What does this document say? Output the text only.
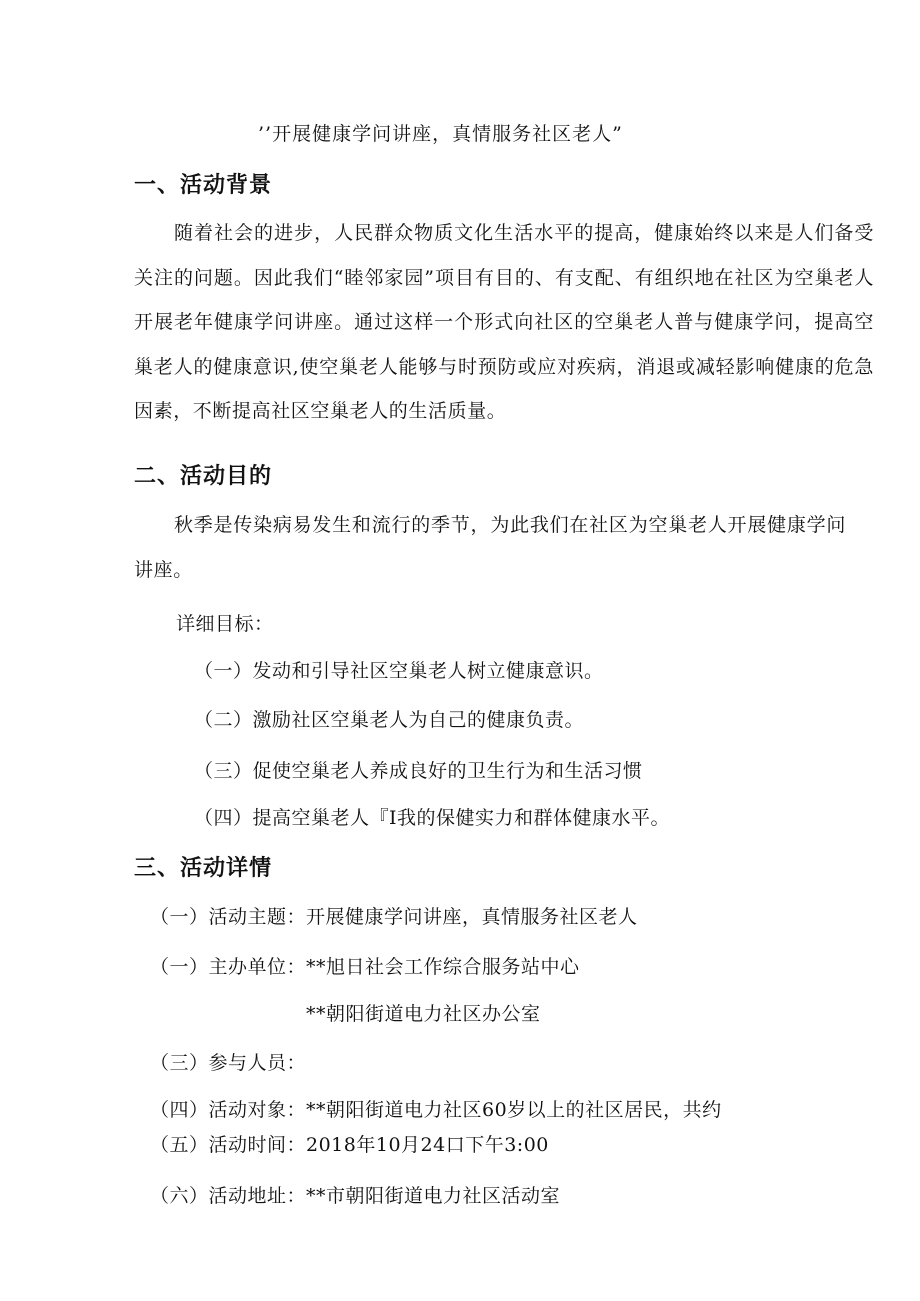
’’开展健康学问讲座，真情服务社区老人”
一、活动背景
随着社会的进步，人民群众物质文化生活水平的提高，健康始终以来是人们备受关注的问题。因此我们“睦邻家园”项目有目的、有支配、有组织地在社区为空巢老人开展老年健康学问讲座。通过这样一个形式向社区的空巢老人普与健康学问，提高空巢老人的健康意识,使空巢老人能够与时预防或应对疾病，消退或减轻影响健康的危急因素，不断提高社区空巢老人的生活质量。
二、活动目的
秋季是传染病易发生和流行的季节，为此我们在社区为空巢老人开展健康学问讲座。
详细目标：
（一）发动和引导社区空巢老人树立健康意识。
（二）激励社区空巢老人为自己的健康负责。
（三）促使空巢老人养成良好的卫生行为和生活习惯
（四）提高空巢老人『I我的保健实力和群体健康水平。
三、活动详情
（一）活动主题：开展健康学问讲座，真情服务社区老人
（一）主办单位：**旭日社会工作综合服务站中心
**朝阳街道电力社区办公室
（三）参与人员：
（四）活动对象：**朝阳街道电力社区60岁以上的社区居民，共约
（五）活动时间：2018年10月24口下午3:00
（六）活动地址：**市朝阳街道电力社区活动室
